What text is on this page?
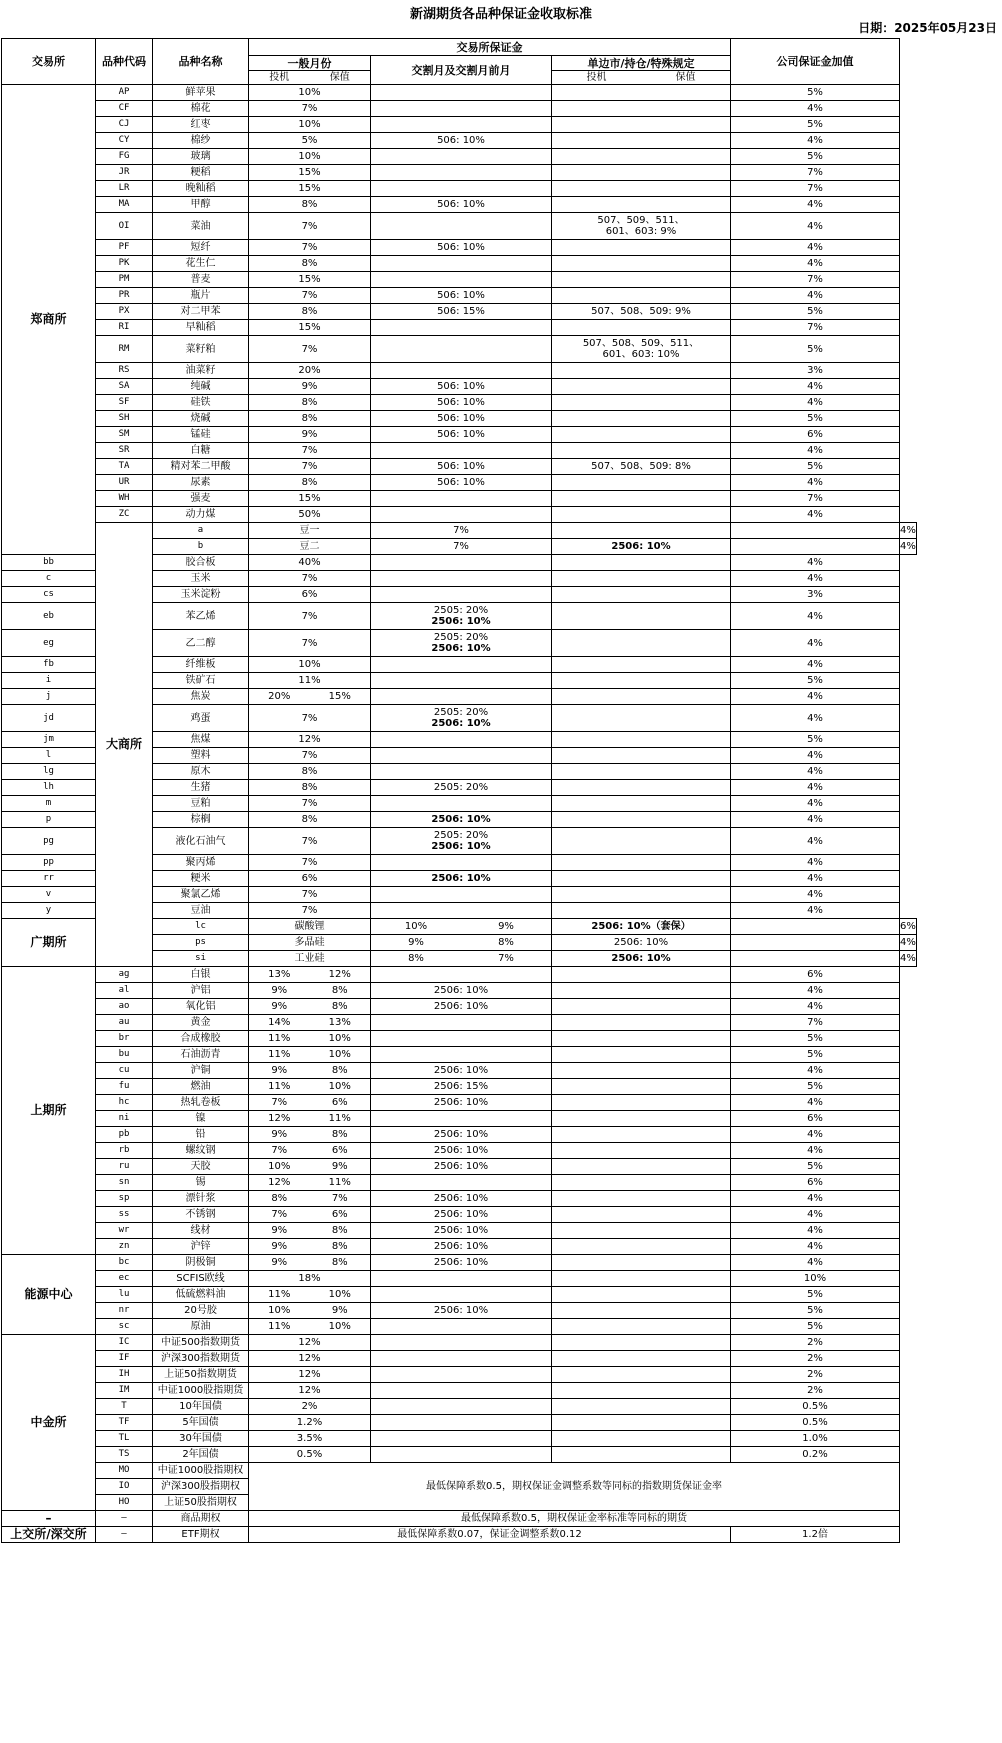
新湖期货各品种保证金收取标准
日期：2025年05月23日
交易所	品种代码	品种名称	交易所保证金			公司保证金加值	
			一般月份	交割月及交割月前月	单边市/持仓/特殊规定		

			投机 保值		投机 保值		

郑商所	AP	鲜苹果	10%			5%	
	CF	棉花	7%			4%	
	CJ	红枣	10%			5%	
	CY	棉纱	5%	506: 10%		4%	
	FG	玻璃	10%			5%	
	JR	粳稻	15%			7%	
	LR	晚籼稻	15%			7%	
	MA	甲醇	8%	506: 10%		4%	
	OI	菜油	7%		507、509、511、
601、603: 9%	4%	
	PF	短纤	7%	506: 10%		4%	
	PK	花生仁	8%			4%	
	PM	普麦	15%			7%	
	PR	瓶片	7%	506: 10%		4%	
	PX	对二甲苯	8%	506: 15%	507、508、509: 9%	5%	
	RI	早籼稻	15%			7%	
	RM	菜籽粕	7%		507、508、509、511、
601、603: 10%	5%	
	RS	油菜籽	20%			3%	
	SA	纯碱	9%	506: 10%		4%	
	SF	硅铁	8%	506: 10%		4%	
	SH	烧碱	8%	506: 10%		5%	
	SM	锰硅	9%	506: 10%		6%	
	SR	白糖	7%			4%	
	TA	精对苯二甲酸	7%	506: 10%	507、508、509: 8%	5%	
	UR	尿素	8%	506: 10%		4%	
	WH	强麦	15%			7%	
	ZC	动力煤	50%			4%	
	大商所	a	豆一	7%			4%
		b	豆二	7%	2506: 10%		4%
bb		胶合板	40%			4%	
c		玉米	7%			4%	
cs		玉米淀粉	6%			3%	
eb		苯乙烯	7%	2505: 20%
2506: 10%		4%	
eg		乙二醇	7%	2505: 20%
2506: 10%		4%	
fb		纤维板	10%			4%	
i		铁矿石	11%			5%	
j		焦炭	20% 15%			4%	
jd		鸡蛋	7%	2505: 20%
2506: 10%		4%	
jm		焦煤	12%			5%	
l		塑料	7%			4%	
lg		原木	8%			4%	
lh		生猪	8%	2505: 20%		4%	
m		豆粕	7%			4%	
p		棕榈	8%	2506: 10%		4%	
pg		液化石油气	7%	2505: 20%
2506: 10%		4%	
pp		聚丙烯	7%			4%	
rr		粳米	6%	2506: 10%		4%	
v		聚氯乙烯	7%			4%	
y		豆油	7%			4%	
广期所		lc	碳酸锂	10% 9%	2506: 10%（套保）		6%
		ps	多晶硅	9% 8%	2506: 10%		4%
		si	工业硅	8% 7%	2506: 10%		4%
上期所	ag	白银	13% 12%			6%	
	al	沪铝	9% 8%	2506: 10%		4%	
	ao	氧化铝	9% 8%	2506: 10%		4%	
	au	黄金	14% 13%			7%	
	br	合成橡胶	11% 10%			5%	
	bu	石油沥青	11% 10%			5%	
	cu	沪铜	9% 8%	2506: 10%		4%	
	fu	燃油	11% 10%	2506: 15%		5%	
	hc	热轧卷板	7% 6%	2506: 10%		4%	
	ni	镍	12% 11%			6%	
	pb	铅	9% 8%	2506: 10%		4%	
	rb	螺纹钢	7% 6%	2506: 10%		4%	
	ru	天胶	10% 9%	2506: 10%		5%	
	sn	锡	12% 11%			6%	
	sp	漂针浆	8% 7%	2506: 10%		4%	
	ss	不锈钢	7% 6%	2506: 10%		4%	
	wr	线材	9% 8%	2506: 10%		4%	
	zn	沪锌	9% 8%	2506: 10%		4%	
能源中心	bc	阴极铜	9% 8%	2506: 10%		4%	
	ec	SCFIS欧线	18%			10%	
	lu	低硫燃料油	11% 10%			5%	
	nr	20号胶	10% 9%	2506: 10%		5%	
	sc	原油	11% 10%			5%	
中金所	IC	中证500指数期货	12%			2%	
	IF	沪深300指数期货	12%			2%	
	IH	上证50指数期货	12%			2%	
	IM	中证1000股指期货	12%			2%	
	T	10年国债	2%			0.5%	
	TF	5年国债	1.2%			0.5%	
	TL	30年国债	3.5%			1.0%	
	TS	2年国债	0.5%			0.2%	
	MO	中证1000股指期权	最低保障系数0.5，期权保证金调整系数等同标的指数期货保证金率				
	IO	沪深300股指期权					
	HO	上证50股指期权					
–	–	商品期权	最低保障系数0.5，期权保证金率标准等同标的期货				
上交所/深交所	–	ETF期权	最低保障系数0.07，保证金调整系数0.12			1.2倍	
